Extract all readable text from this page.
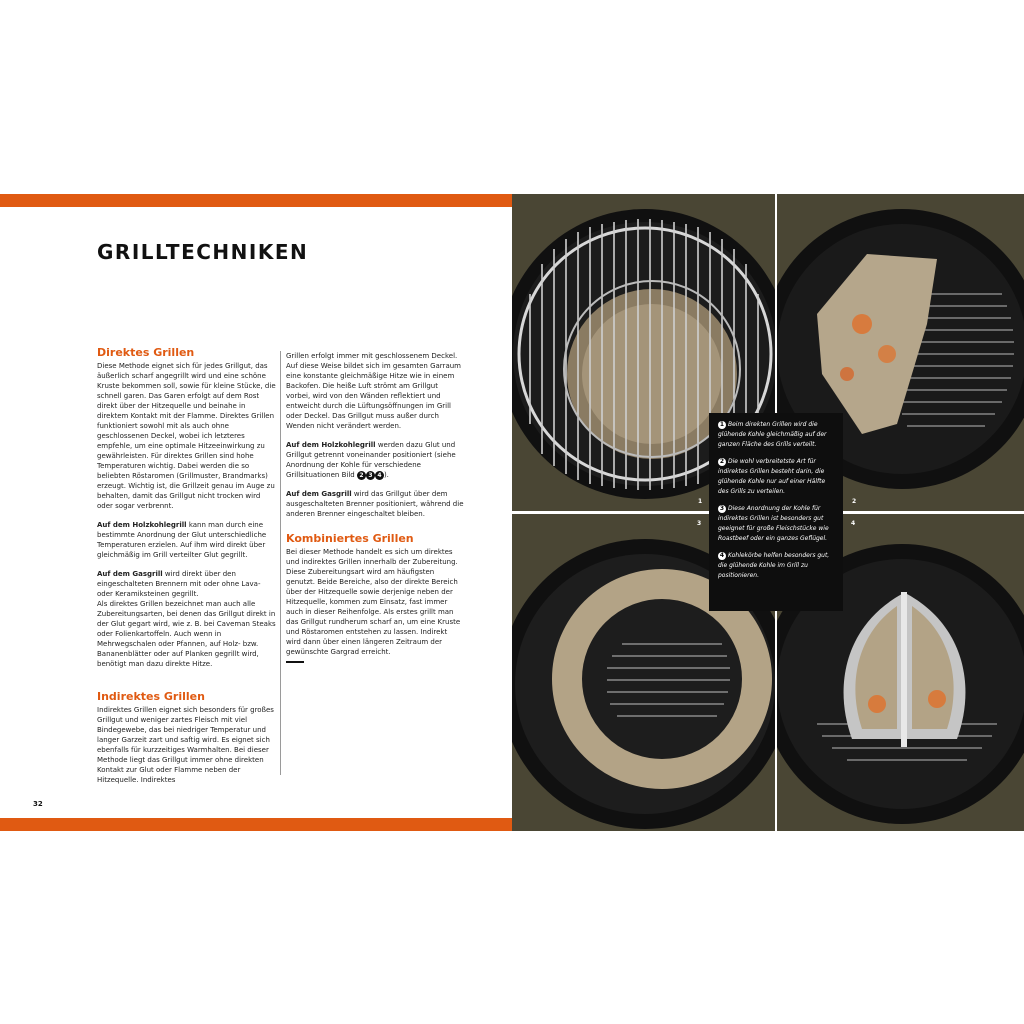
GRILLTECHNIKEN
Direktes Grillen

Diese Methode eignet sich für jedes Grillgut, das äußerlich scharf angegrillt wird und eine schöne Kruste bekommen soll, sowie für kleine Stücke, die schnell garen. Das Garen erfolgt auf dem Rost direkt über der Hitzequelle und beinahe in direktem Kontakt mit der Flamme. Direktes Grillen funktioniert sowohl mit als auch ohne geschlossenen Deckel, wobei ich letzteres empfehle, um eine optimale Hitzeeinwirkung zu gewährleisten. Für direktes Grillen sind hohe Temperaturen wichtig. Dabei werden die so beliebten Röstaromen (Grillmuster, Brandmarks) erzeugt. Wichtig ist, die Grillzeit genau im Auge zu behalten, damit das Grillgut nicht trocken wird oder sogar verbrennt.

Auf dem Holzkohlegrill kann man durch eine bestimmte Anordnung der Glut unterschiedliche Temperaturen erzielen. Auf ihm wird direkt über gleichmäßig im Grill verteilter Glut gegrillt.

Auf dem Gasgrill wird direkt über den eingeschalteten Brennern mit oder ohne Lava- oder Keramiksteinen gegrillt.

Als direktes Grillen bezeichnet man auch alle Zubereitungsarten, bei denen das Grillgut direkt in der Glut gegart wird, wie z. B. bei Caveman Steaks oder Folienkartoffeln. Auch wenn in Mehrwegschalen oder Pfannen, auf Holz- bzw. Bananenblätter oder auf Planken gegrillt wird, benötigt man dazu direkte Hitze.

Indirektes Grillen

Indirektes Grillen eignet sich besonders für großes Grillgut und weniger zartes Fleisch mit viel Bindegewebe, das bei niedriger Temperatur und langer Garzeit zart und saftig wird. Es eignet sich ebenfalls für kurzzeitiges Warmhalten. Bei dieser Methode liegt das Grillgut immer ohne direkten Kontakt zur Glut oder Flamme neben der Hitzequelle. Indirektes

Grillen erfolgt immer mit geschlossenem Deckel. Auf diese Weise bildet sich im gesamten Garraum eine konstante gleichmäßige Hitze wie in einem Backofen. Die heiße Luft strömt am Grillgut vorbei, wird von den Wänden reflektiert und entweicht durch die Lüftungsöffnungen im Grill oder Deckel. Das Grillgut muss außer durch Wenden nicht verändert werden.

Auf dem Holzkohlegrill werden dazu Glut und Grillgut getrennt voneinander positioniert (siehe Anordnung der Kohle für verschiedene Grillsituationen Bild 2 3 4 ).

Auf dem Gasgrill wird das Grillgut über dem ausgeschalteten Brenner positioniert, während die anderen Brenner eingeschaltet bleiben.

Kombiniertes Grillen

Bei dieser Methode handelt es sich um direktes und indirektes Grillen innerhalb der Zubereitung. Diese Zubereitungsart wird am häufigsten genutzt. Beide Bereiche, also der direkte Bereich über der Hitzequelle sowie derjenige neben der Hitzequelle, kommen zum Einsatz, fast immer auch in dieser Reihenfolge. Als erstes grillt man das Grillgut rundherum scharf an, um eine Kruste und Röstaromen entstehen zu lassen. Indirekt wird dann über einen längeren Zeitraum der gewünschte Gargrad erreicht.

32
1	2
3	4

1 Beim direkten Grillen wird die glühende Kohle gleichmäßig auf der ganzen Fläche des Grills verteilt.

2 Die wohl verbreitetste Art für indirektes Grillen besteht darin, die glühende Kohle nur auf einer Hälfte des Grills zu verteilen.

3 Diese Anordnung der Kohle für indirektes Grillen ist besonders gut geeignet für große Fleischstücke wie Roastbeef oder ein ganzes Geflügel.

4 Kohlekörbe helfen besonders gut, die glühende Kohle im Grill zu positionieren.
